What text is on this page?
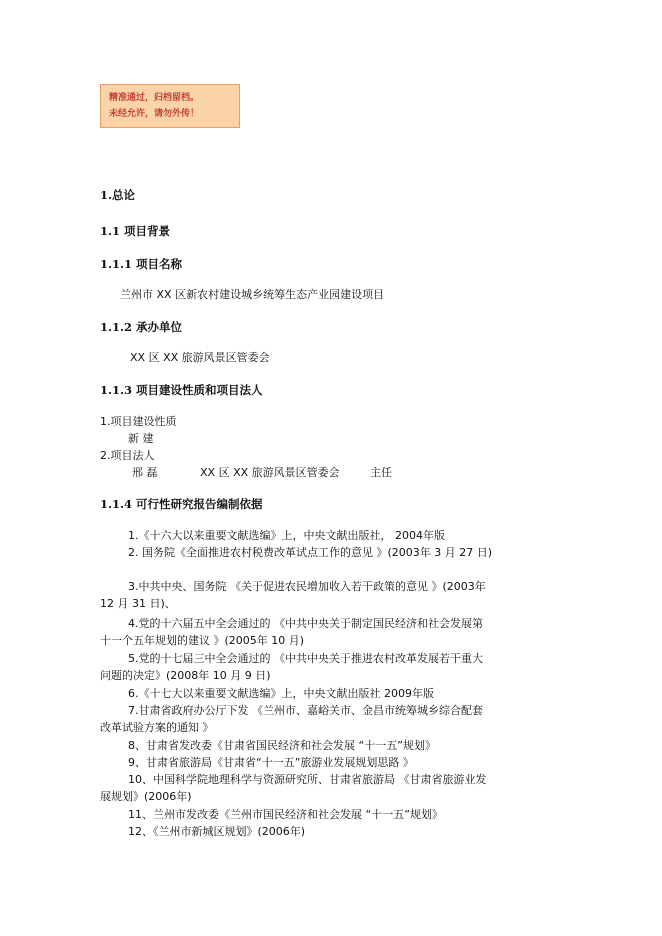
精准通过，归档留档。
未经允许，请勿外传！
1.总论
1.1 项目背景
1.1.1 项目名称
兰州市 XX 区新农村建设城乡统筹生态产业园建设项目
1.1.2 承办单位
XX 区 XX 旅游风景区管委会
1.1.3 项目建设性质和项目法人
1.项目建设性质
新 建
2.项目法人
邢 磊	XX 区 XX 旅游风景区管委会	主任
1.1.4 可行性研究报告编制依据
1.《十六大以来重要文献选编》上，中央文献出版社， 2004年版
2. 国务院《全面推进农村税费改革试点工作的意见 》(2003年 3 月 27 日)
3.中共中央、国务院 《关于促进农民增加收入若干政策的意见 》(2003年
12 月 31 日)、
4.党的十六届五中全会通过的 《中共中央关于制定国民经济和社会发展第
十一个五年规划的建议 》(2005年 10 月)
5.党的十七届三中全会通过的 《中共中央关于推进农村改革发展若干重大
问题的决定》(2008年 10 月 9 日)
6.《十七大以来重要文献选编》上，中央文献出版社 2009年版
7.甘肃省政府办公厅下发 《兰州市、嘉峪关市、金昌市统筹城乡综合配套
改革试验方案的通知 》
8、甘肃省发改委《甘肃省国民经济和社会发展 “十一五”规划》
9、甘肃省旅游局《甘肃省“十一五”旅游业发展规划思路 》
10、中国科学院地理科学与资源研究所、甘肃省旅游局 《甘肃省旅游业发
展规划》(2006年)
11、兰州市发改委《兰州市国民经济和社会发展 “十一五”规划》
12、《兰州市新城区规划》(2006年)
